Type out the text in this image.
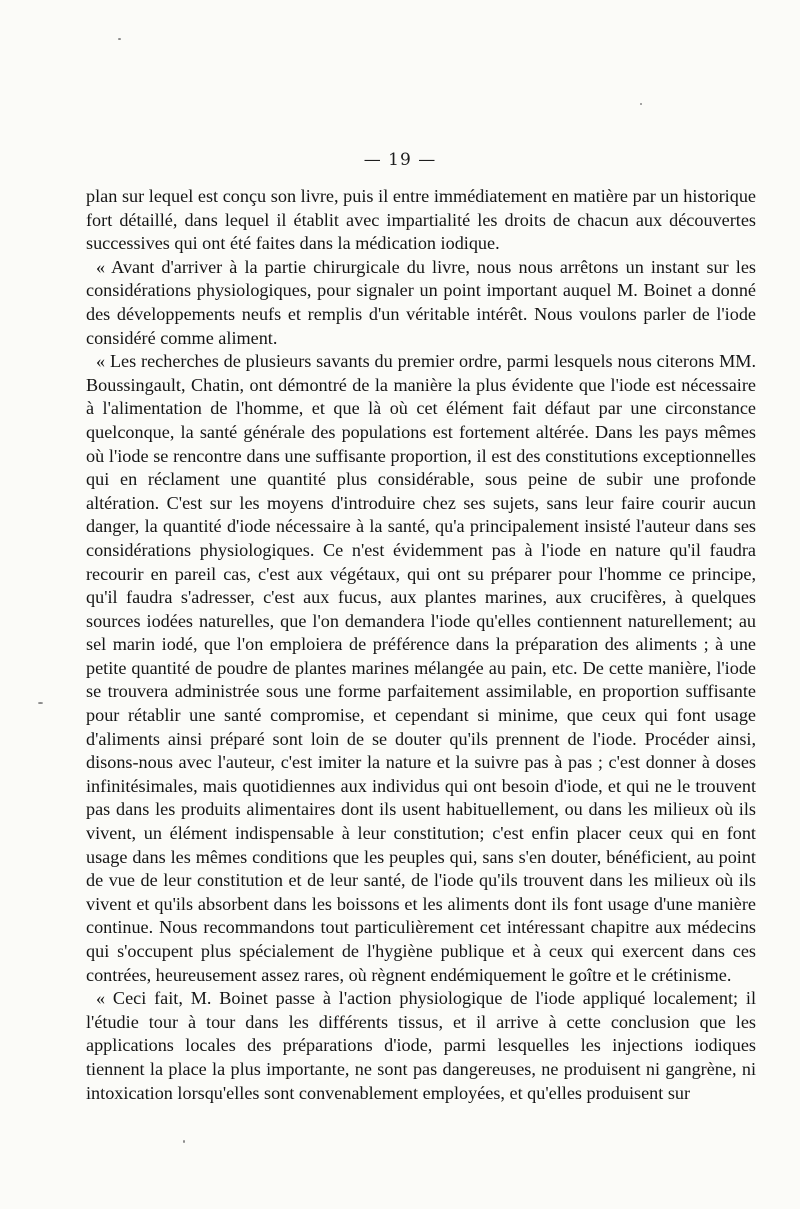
— 19 —

plan sur lequel est conçu son livre, puis il entre immédiatement en matière par un historique fort détaillé, dans lequel il établit avec impartialité les droits de chacun aux découvertes successives qui ont été faites dans la médication iodique.

« Avant d'arriver à la partie chirurgicale du livre, nous nous arrêtons un instant sur les considérations physiologiques, pour signaler un point important auquel M. Boinet a donné des développements neufs et remplis d'un véritable intérêt. Nous voulons parler de l'iode considéré comme aliment.

« Les recherches de plusieurs savants du premier ordre, parmi lesquels nous citerons MM. Boussingault, Chatin, ont démontré de la manière la plus évidente que l'iode est nécessaire à l'alimentation de l'homme, et que là où cet élément fait défaut par une circonstance quelconque, la santé générale des populations est fortement altérée. Dans les pays mêmes où l'iode se rencontre dans une suffisante proportion, il est des constitutions exceptionnelles qui en réclament une quantité plus considérable, sous peine de subir une profonde altération. C'est sur les moyens d'introduire chez ses sujets, sans leur faire courir aucun danger, la quantité d'iode nécessaire à la santé, qu'a principalement insisté l'auteur dans ses considérations physiologiques. Ce n'est évidemment pas à l'iode en nature qu'il faudra recourir en pareil cas, c'est aux végétaux, qui ont su préparer pour l'homme ce principe, qu'il faudra s'adresser, c'est aux fucus, aux plantes marines, aux crucifères, à quelques sources iodées naturelles, que l'on demandera l'iode qu'elles contiennent naturellement; au sel marin iodé, que l'on emploiera de préférence dans la préparation des aliments ; à une petite quantité de poudre de plantes marines mélangée au pain, etc. De cette manière, l'iode se trouvera administrée sous une forme parfaitement assimilable, en proportion suffisante pour rétablir une santé compromise, et cependant si minime, que ceux qui font usage d'aliments ainsi préparé sont loin de se douter qu'ils prennent de l'iode. Procéder ainsi, disons-nous avec l'auteur, c'est imiter la nature et la suivre pas à pas ; c'est donner à doses infinitésimales, mais quotidiennes aux individus qui ont besoin d'iode, et qui ne le trouvent pas dans les produits alimentaires dont ils usent habituellement, ou dans les milieux où ils vivent, un élément indispensable à leur constitution; c'est enfin placer ceux qui en font usage dans les mêmes conditions que les peuples qui, sans s'en douter, bénéficient, au point de vue de leur constitution et de leur santé, de l'iode qu'ils trouvent dans les milieux où ils vivent et qu'ils absorbent dans les boissons et les aliments dont ils font usage d'une manière continue. Nous recommandons tout particulièrement cet intéressant chapitre aux médecins qui s'occupent plus spécialement de l'hygiène publique et à ceux qui exercent dans ces contrées, heureusement assez rares, où règnent endémiquement le goître et le crétinisme.

« Ceci fait, M. Boinet passe à l'action physiologique de l'iode appliqué localement; il l'étudie tour à tour dans les différents tissus, et il arrive à cette conclusion que les applications locales des préparations d'iode, parmi lesquelles les injections iodiques tiennent la place la plus importante, ne sont pas dangereuses, ne produisent ni gangrène, ni intoxication lorsqu'elles sont convenablement employées, et qu'elles produisent sur
